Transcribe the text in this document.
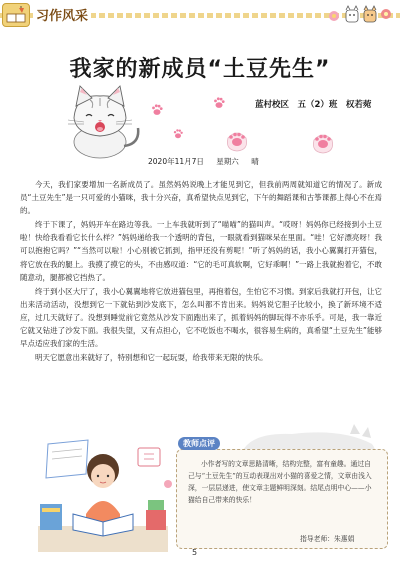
习作风采
我家的新成员“土豆先生”
蓝村校区　五（2）班　权若菀
2020年11月7日 星期六 晴

今天，我们家要增加一名新成员了。虽然妈妈说晚上才能见到它，但我前两周就知道它的情况了。新成员“土豆先生”是一只可爱的小猫咪，我十分兴奋，真希望快点见到它，下午的舞蹈课和古筝课都上得心不在焉的。

终于下课了，妈妈开车在路边等我。一上车我就听到了“喵喵”的猫叫声。“哎呀！妈妈你已经接到小土豆啦！快给我看看它长什么样？”妈妈递给我一个透明的背包，一眼就看到猫咪呆在里面。“哇！它好漂亮呀！我可以抱抱它吗？”“当然可以啦！小心别被它抓到，指甲还没有剪呢！”听了妈妈的话，我小心翼翼打开猫包，将它放在我的腿上。我摸了摸它的头，不由感叹道：“它的毛可真软啊，它好乖啊！”一路上我就抱着它，不敢随意动，腿都被它挡热了。

终于到小区大厅了，我小心翼翼地将它放进猫包里，再抱着包，生怕它不习惯。到家后我就打开包，让它出来活动活动，没想到它一下就钻到沙发底下，怎么叫都不肯出来。妈妈说它胆子比较小，换了新环境不适应，过几天就好了。没想到睡觉前它竟然从沙发下面跑出来了，抓着妈妈的脚玩得不亦乐乎。可是，我一靠近它就又钻进了沙发下面。我很失望，又有点担心，它不吃饭也不喝水，很容易生病的，真希望“土豆先生”能够早点适应我们家的生活。

明天它愿意出来就好了，特别想和它一起玩耍，给我带来无限的快乐。

教师点评
小作者写的文章思路清晰，结构完整，富有童趣。通过自己与“土豆先生”的互动表现出对小猫的喜爱之情，文章由浅入深，一层层递进，使文章主题鲜明深刻。结尾点明中心——小猫给自己带来的快乐！
指导老师：朱惠娟
5
